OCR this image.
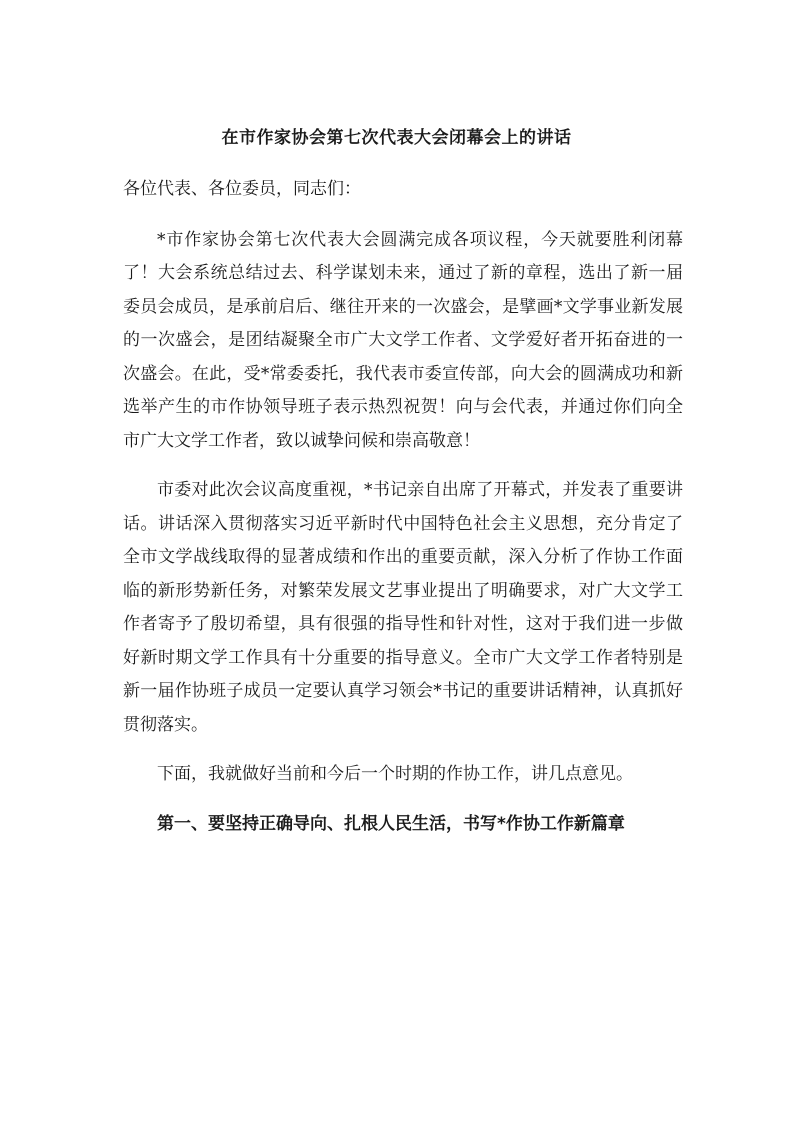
在市作家协会第七次代表大会闭幕会上的讲话

各位代表、各位委员，同志们：

*市作家协会第七次代表大会圆满完成各项议程，今天就要胜利闭幕了！大会系统总结过去、科学谋划未来，通过了新的章程，选出了新一届委员会成员，是承前启后、继往开来的一次盛会，是擘画*文学事业新发展的一次盛会，是团结凝聚全市广大文学工作者、文学爱好者开拓奋进的一次盛会。在此，受*常委委托，我代表市委宣传部，向大会的圆满成功和新选举产生的市作协领导班子表示热烈祝贺！向与会代表，并通过你们向全市广大文学工作者，致以诚挚问候和崇高敬意！

市委对此次会议高度重视，*书记亲自出席了开幕式，并发表了重要讲话。讲话深入贯彻落实习近平新时代中国特色社会主义思想，充分肯定了全市文学战线取得的显著成绩和作出的重要贡献，深入分析了作协工作面临的新形势新任务，对繁荣发展文艺事业提出了明确要求，对广大文学工作者寄予了殷切希望，具有很强的指导性和针对性，这对于我们进一步做好新时期文学工作具有十分重要的指导意义。全市广大文学工作者特别是新一届作协班子成员一定要认真学习领会*书记的重要讲话精神，认真抓好贯彻落实。

下面，我就做好当前和今后一个时期的作协工作，讲几点意见。

第一、要坚持正确导向、扎根人民生活，书写*作协工作新篇章
